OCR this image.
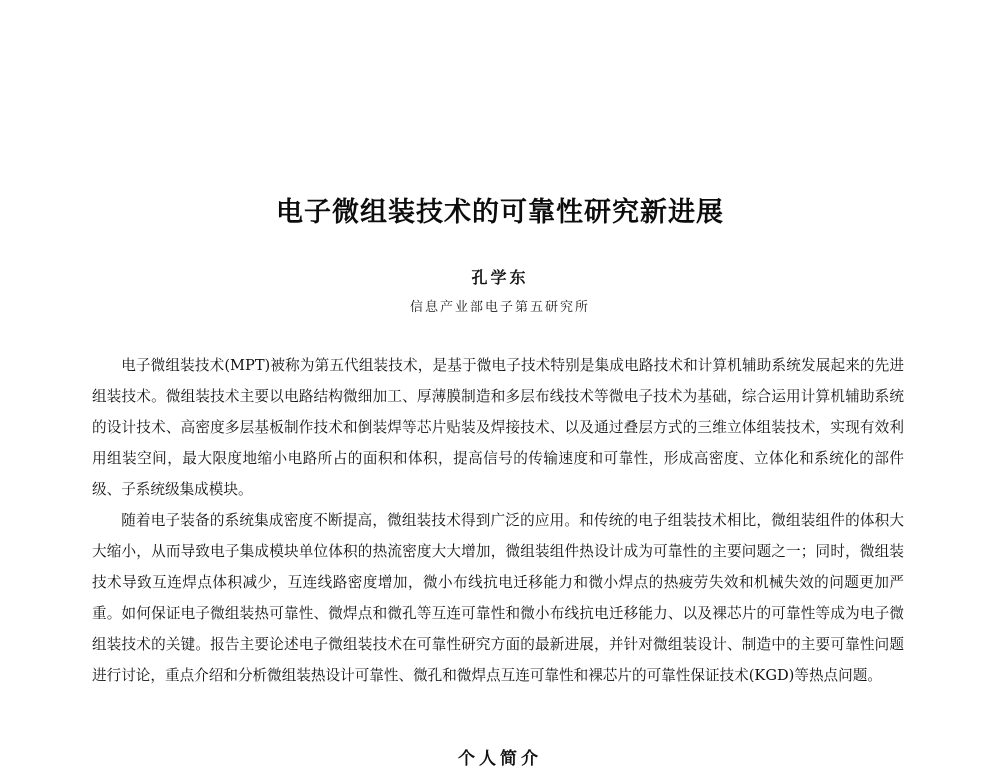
电子微组装技术的可靠性研究新进展
孔学东
信息产业部电子第五研究所

电子微组装技术(MPT)被称为第五代组装技术，是基于微电子技术特别是集成电路技术和计算机辅助系统发展起来的先进组装技术。微组装技术主要以电路结构微细加工、厚薄膜制造和多层布线技术等微电子技术为基础，综合运用计算机辅助系统的设计技术、高密度多层基板制作技术和倒装焊等芯片贴装及焊接技术、以及通过叠层方式的三维立体组装技术，实现有效利用组装空间，最大限度地缩小电路所占的面积和体积，提高信号的传输速度和可靠性，形成高密度、立体化和系统化的部件级、子系统级集成模块。

随着电子装备的系统集成密度不断提高，微组装技术得到广泛的应用。和传统的电子组装技术相比，微组装组件的体积大大缩小，从而导致电子集成模块单位体积的热流密度大大增加，微组装组件热设计成为可靠性的主要问题之一；同时，微组装技术导致互连焊点体积减少，互连线路密度增加，微小布线抗电迁移能力和微小焊点的热疲劳失效和机械失效的问题更加严重。如何保证电子微组装热可靠性、微焊点和微孔等互连可靠性和微小布线抗电迁移能力、以及裸芯片的可靠性等成为电子微组装技术的关键。报告主要论述电子微组装技术在可靠性研究方面的最新进展，并针对微组装设计、制造中的主要可靠性问题进行讨论，重点介绍和分析微组装热设计可靠性、微孔和微焊点互连可靠性和裸芯片的可靠性保证技术(KGD)等热点问题。

个人简介
